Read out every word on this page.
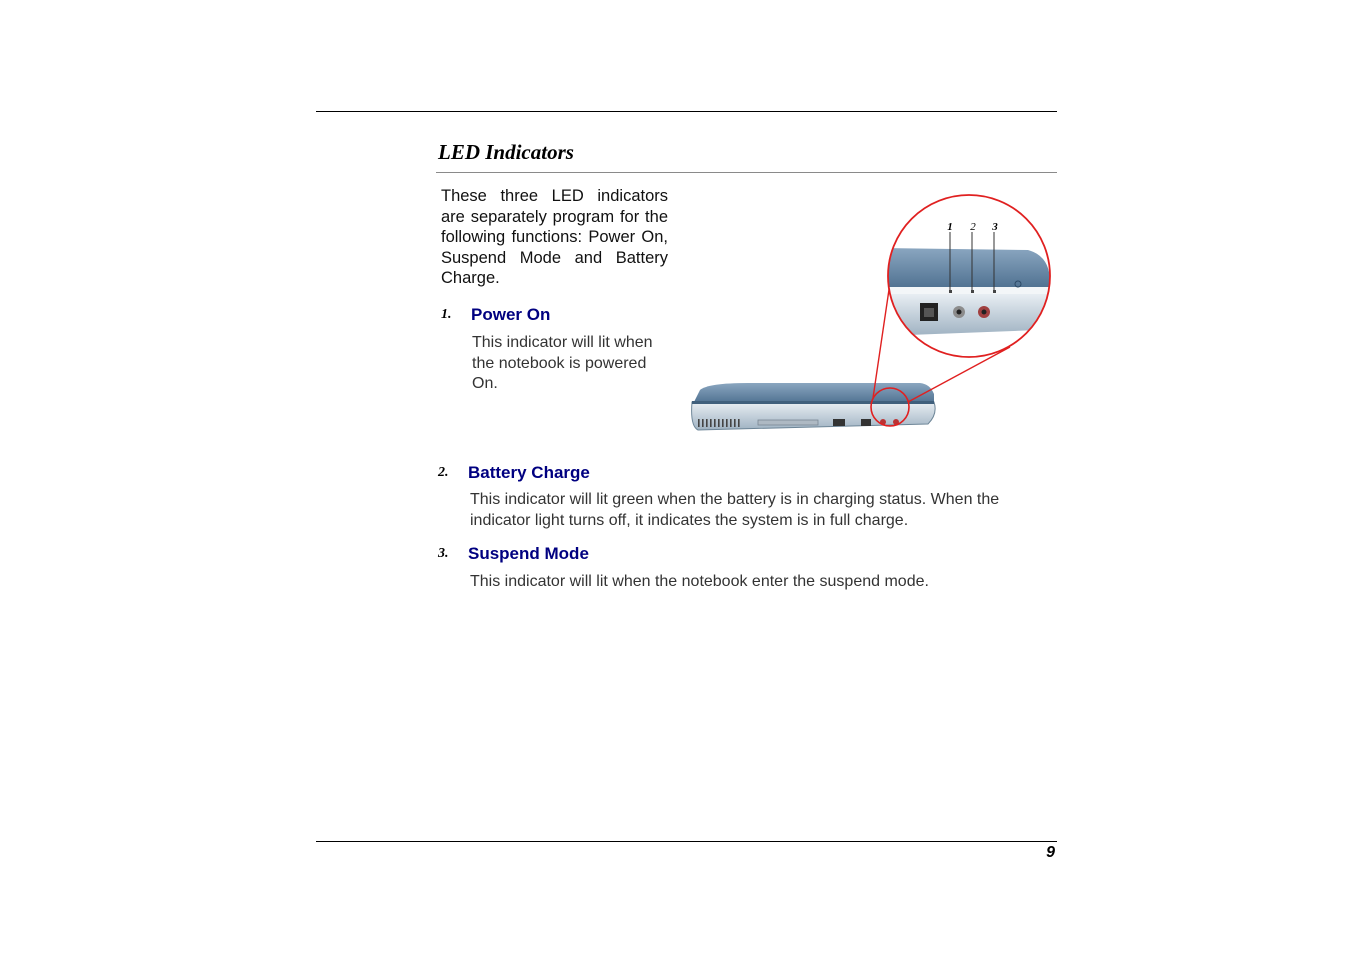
LED Indicators

These three LED indicators are separately program for the following functions: Power On, Suspend Mode and Battery Charge.

1 2 3
1. Power On

This indicator will lit when the notebook is powered On.

2. Battery Charge

This indicator will lit green when the battery is in charging status. When the indicator light turns off, it indicates the system is in full charge.

3. Suspend Mode

This indicator will lit when the notebook enter the suspend mode.

9
